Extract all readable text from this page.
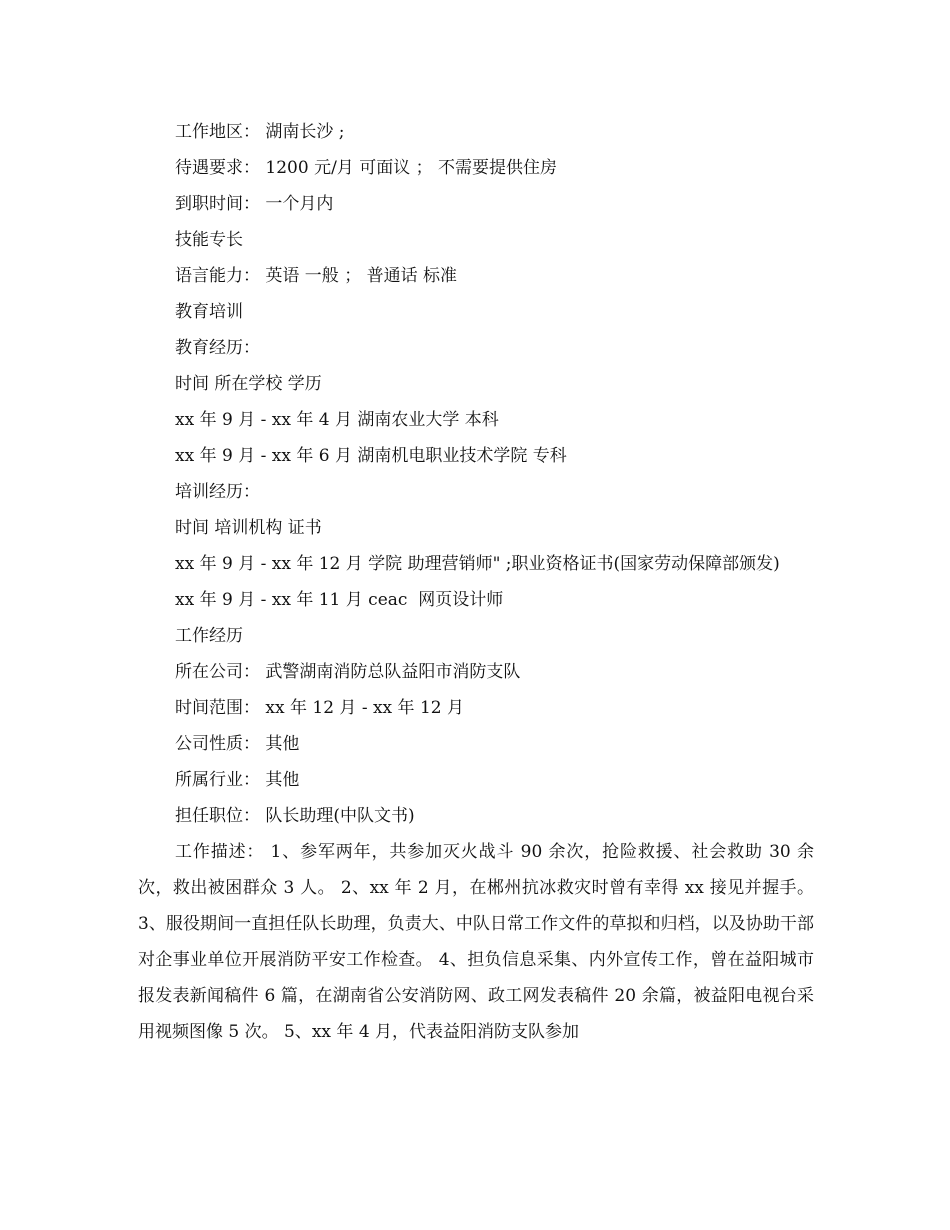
工作地区： 湖南长沙 ;
待遇要求： 1200 元/月 可面议 ； 不需要提供住房
到职时间： 一个月内
技能专长
语言能力： 英语 一般 ； 普通话 标准
教育培训
教育经历：
时间 所在学校 学历
xx 年 9 月 - xx 年 4 月 湖南农业大学 本科
xx 年 9 月 - xx 年 6 月 湖南机电职业技术学院 专科
培训经历：
时间 培训机构 证书
xx 年 9 月 - xx 年 12 月 学院 助理营销师" ;职业资格证书(国家劳动保障部颁发)
xx 年 9 月 - xx 年 11 月 ceac  网页设计师
工作经历
所在公司： 武警湖南消防总队益阳市消防支队
时间范围： xx 年 12 月 - xx 年 12 月
公司性质： 其他
所属行业： 其他
担任职位： 队长助理(中队文书)
工作描述： 1、参军两年，共参加灭火战斗 90 余次，抢险救援、社会救助 30 余次，救出被困群众 3 人。 2、xx 年 2 月，在郴州抗冰救灾时曾有幸得 xx 接见并握手。 3、服役期间一直担任队长助理，负责大、中队日常工作文件的草拟和归档，以及协助干部对企事业单位开展消防平安工作检查。 4、担负信息采集、内外宣传工作，曾在益阳城市报发表新闻稿件 6 篇，在湖南省公安消防网、政工网发表稿件 20 余篇，被益阳电视台采用视频图像 5 次。 5、xx 年 4 月，代表益阳消防支队参加
